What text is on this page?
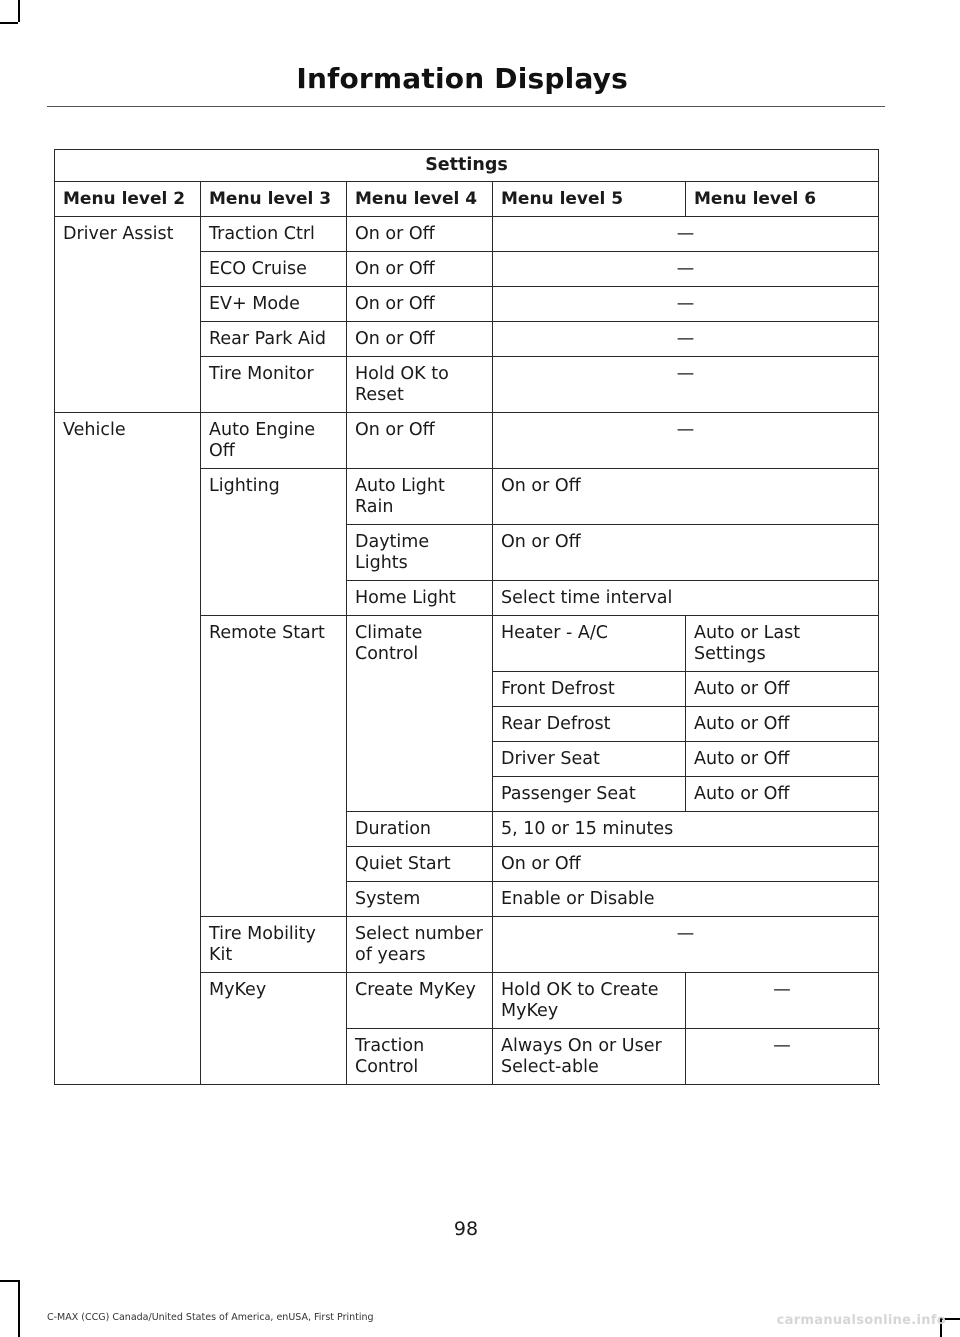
Information Displays
Settings				
Menu level 2	Menu level 3	Menu level 4	Menu level 5	Menu level 6
Driver Assist	Traction Ctrl	On or Off	—	
	ECO Cruise	On or Off	—	
	EV+ Mode	On or Off	—	
	Rear Park Aid	On or Off	—	
	Tire Monitor	Hold OK to Reset	—	
Vehicle	Auto Engine Off	On or Off	—	
	Lighting	Auto Light Rain	On or Off	
		Daytime Lights	On or Off	
		Home Light	Select time interval	
	Remote Start	Climate Control	Heater - A/C	Auto or Last Settings
			Front Defrost	Auto or Off
			Rear Defrost	Auto or Off
			Driver Seat	Auto or Off
			Passenger Seat	Auto or Off
		Duration	5, 10 or 15 minutes	
		Quiet Start	On or Off	
		System	Enable or Disable	
	Tire Mobility Kit	Select number of years	—	
	MyKey	Create MyKey	Hold OK to Create MyKey	—
		Traction Control	Always On or User Select-able	—
98
C-MAX (CCG) Canada/United States of America, enUSA, First Printing	carmanualsonline.info
